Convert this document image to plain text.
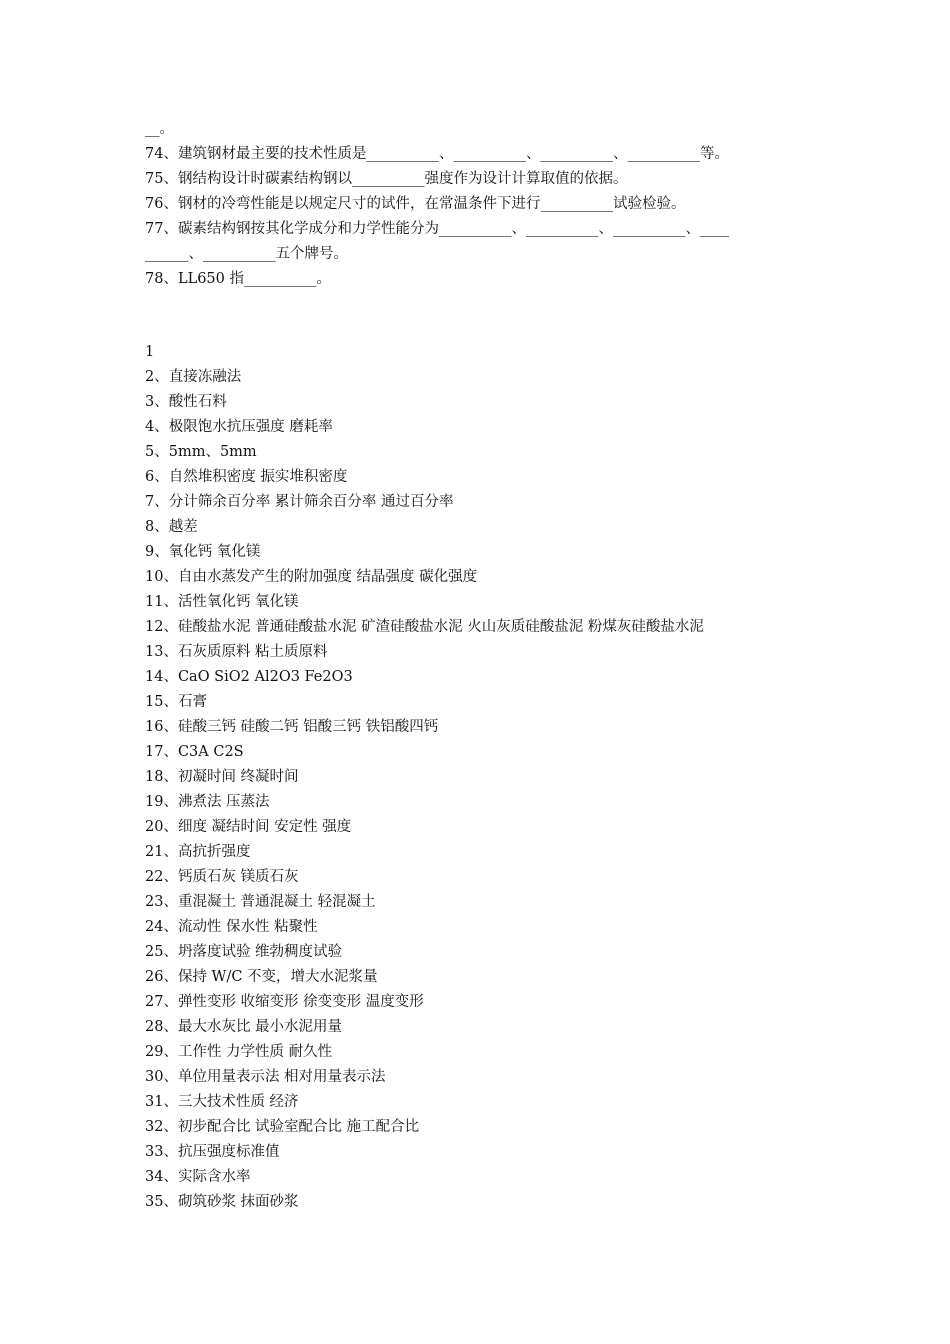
__。
74、建筑钢材最主要的技术性质是__________、__________、__________、__________等。
75、钢结构设计时碳素结构钢以__________强度作为设计计算取值的依据。
76、钢材的冷弯性能是以规定尺寸的试件，在常温条件下进行__________试验检验。
77、碳素结构钢按其化学成分和力学性能分为__________、__________、__________、____
______、__________五个牌号。
78、LL650 指__________。
1
2、直接冻融法
3、酸性石料
4、极限饱水抗压强度 磨耗率
5、5mm、5mm
6、自然堆积密度 振实堆积密度
7、分计筛余百分率 累计筛余百分率 通过百分率
8、越差
9、氧化钙 氧化镁
10、自由水蒸发产生的附加强度 结晶强度 碳化强度
11、活性氧化钙 氧化镁
12、硅酸盐水泥 普通硅酸盐水泥 矿渣硅酸盐水泥 火山灰质硅酸盐泥 粉煤灰硅酸盐水泥
13、石灰质原料 粘土质原料
14、CaO SiO2 Al2O3 Fe2O3
15、石膏
16、硅酸三钙 硅酸二钙 铝酸三钙 铁铝酸四钙
17、C3A C2S
18、初凝时间 终凝时间
19、沸煮法 压蒸法
20、细度 凝结时间 安定性 强度
21、高抗折强度
22、钙质石灰 镁质石灰
23、重混凝土 普通混凝土 轻混凝土
24、流动性 保水性 粘聚性
25、坍落度试验 维勃稠度试验
26、保持 W/C 不变，增大水泥浆量
27、弹性变形 收缩变形 徐变变形 温度变形
28、最大水灰比 最小水泥用量
29、工作性 力学性质 耐久性
30、单位用量表示法 相对用量表示法
31、三大技术性质 经济
32、初步配合比 试验室配合比 施工配合比
33、抗压强度标准值
34、实际含水率
35、砌筑砂浆 抹面砂浆
